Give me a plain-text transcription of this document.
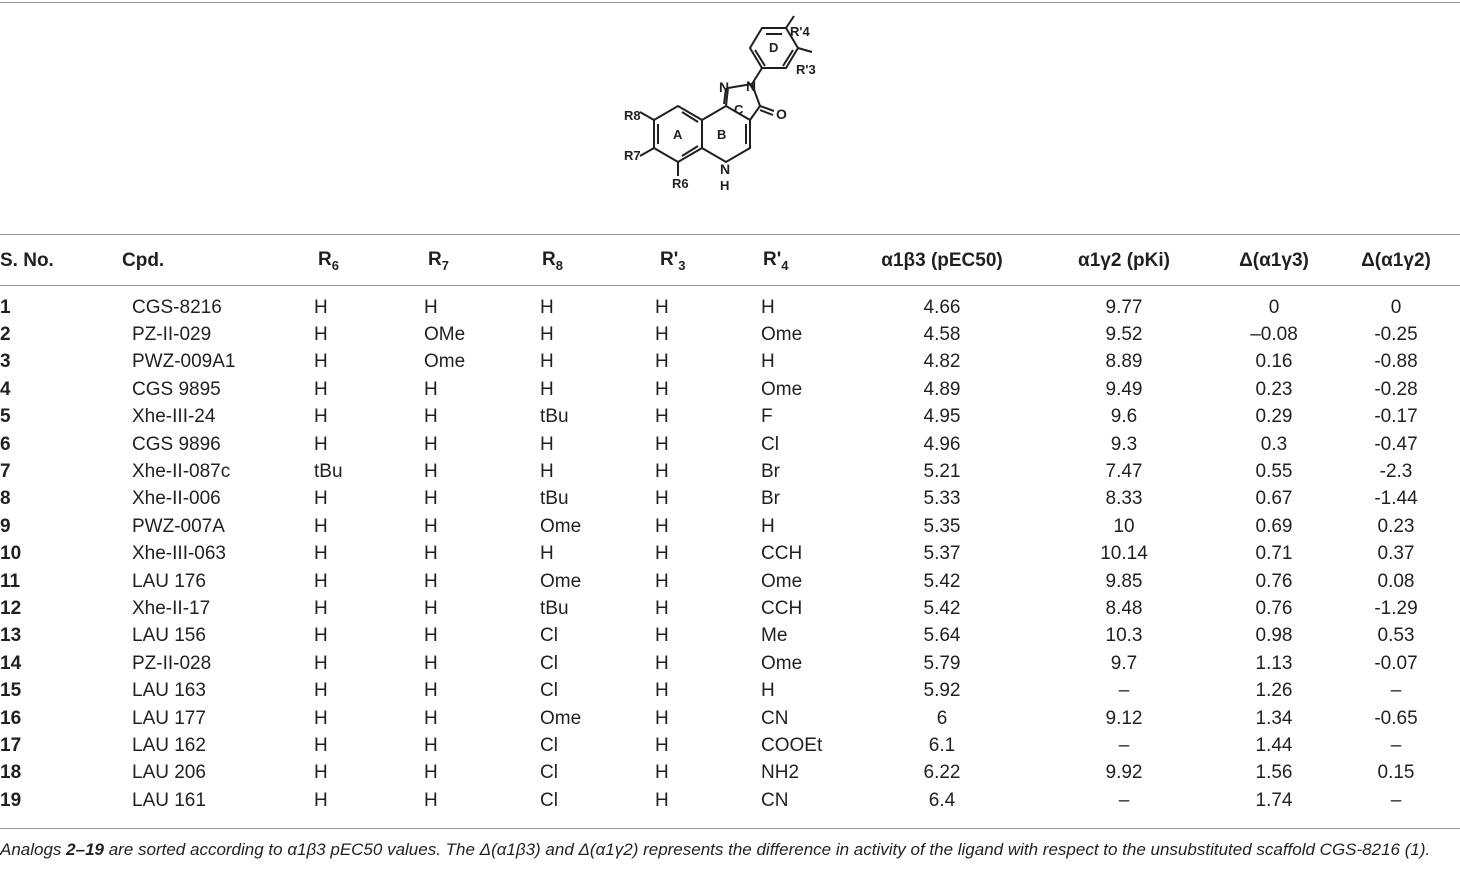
A	B
C
D
N N
O
N
H
R8
R7
R6
R'4
R'3
S. No.	Cpd.	$R_6$	$R_7$	$R_8$	$R'_3$	$R'_4$	α1β3 (pEC50)	α1γ2 (pKi)	Δ(α1γ3)	Δ(α1γ2)
1	CGS-8216	H	H	H	H	H	4.66	9.77	0	0
2	PZ-II-029	H	OMe	H	H	Ome	4.58	9.52	–0.08	-0.25
3	PWZ-009A1	H	Ome	H	H	H	4.82	8.89	0.16	-0.88
4	CGS 9895	H	H	H	H	Ome	4.89	9.49	0.23	-0.28
5	Xhe-III-24	H	H	tBu	H	F	4.95	9.6	0.29	-0.17
6	CGS 9896	H	H	H	H	Cl	4.96	9.3	0.3	-0.47
7	Xhe-II-087c	tBu	H	H	H	Br	5.21	7.47	0.55	-2.3
8	Xhe-II-006	H	H	tBu	H	Br	5.33	8.33	0.67	-1.44
9	PWZ-007A	H	H	Ome	H	H	5.35	10	0.69	0.23
10	Xhe-III-063	H	H	H	H	CCH	5.37	10.14	0.71	0.37
11	LAU 176	H	H	Ome	H	Ome	5.42	9.85	0.76	0.08
12	Xhe-II-17	H	H	tBu	H	CCH	5.42	8.48	0.76	-1.29
13	LAU 156	H	H	Cl	H	Me	5.64	10.3	0.98	0.53
14	PZ-II-028	H	H	Cl	H	Ome	5.79	9.7	1.13	-0.07
15	LAU 163	H	H	Cl	H	H	5.92	–	1.26	–
16	LAU 177	H	H	Ome	H	CN	6	9.12	1.34	-0.65
17	LAU 162	H	H	Cl	H	COOEt	6.1	–	1.44	–
18	LAU 206	H	H	Cl	H	NH2	6.22	9.92	1.56	0.15
19	LAU 161	H	H	Cl	H	CN	6.4	–	1.74	–
Analogs 2–19 are sorted according to α1β3 pEC50 values. The Δ(α1β3) and Δ(α1γ2) represents the difference in activity of the ligand with respect to the unsubstituted scaffold CGS-8216 (1).
